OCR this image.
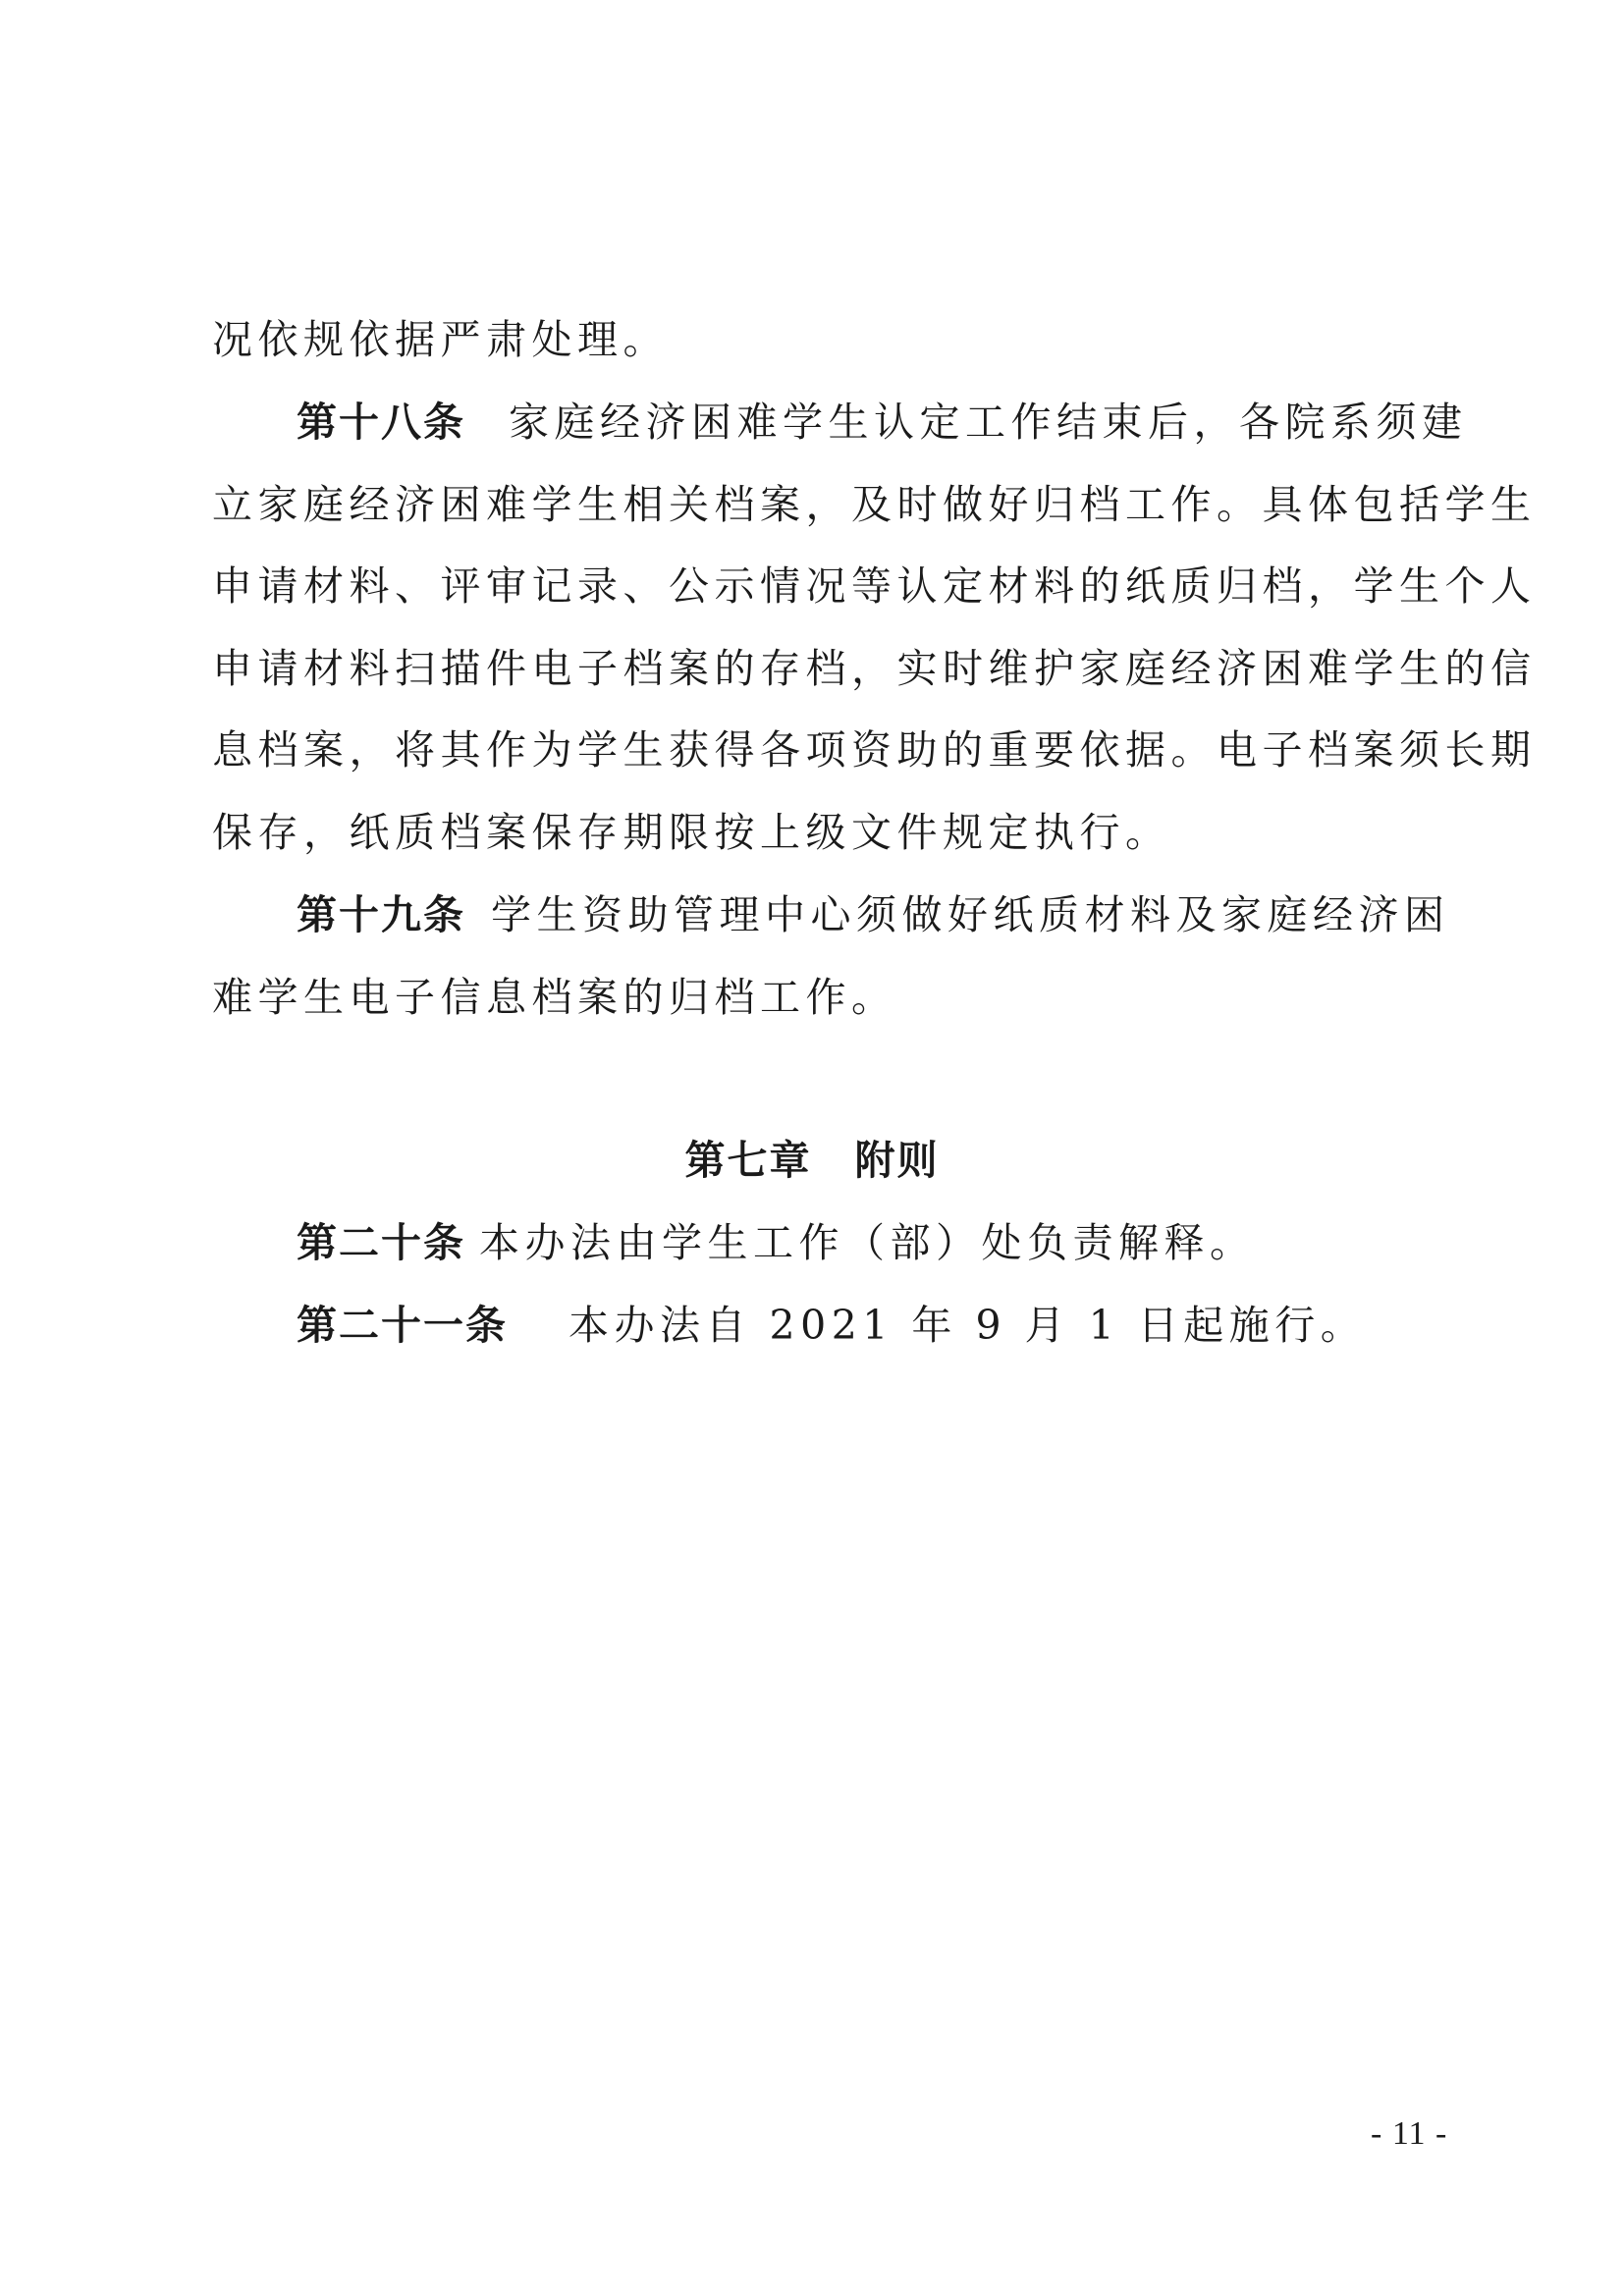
况依规依据严肃处理。
第十八条 家庭经济困难学生认定工作结束后，各院系须建
立家庭经济困难学生相关档案，及时做好归档工作。具体包括学生
申请材料、评审记录、公示情况等认定材料的纸质归档，学生个人
申请材料扫描件电子档案的存档，实时维护家庭经济困难学生的信
息档案，将其作为学生获得各项资助的重要依据。电子档案须长期
保存，纸质档案保存期限按上级文件规定执行。
第十九条 学生资助管理中心须做好纸质材料及家庭经济困
难学生电子信息档案的归档工作。
第七章 附则
第二十条 本办法由学生工作（部）处负责解释。
第二十一条 本办法自 2021 年 9 月 1 日起施行。
- 11 -
